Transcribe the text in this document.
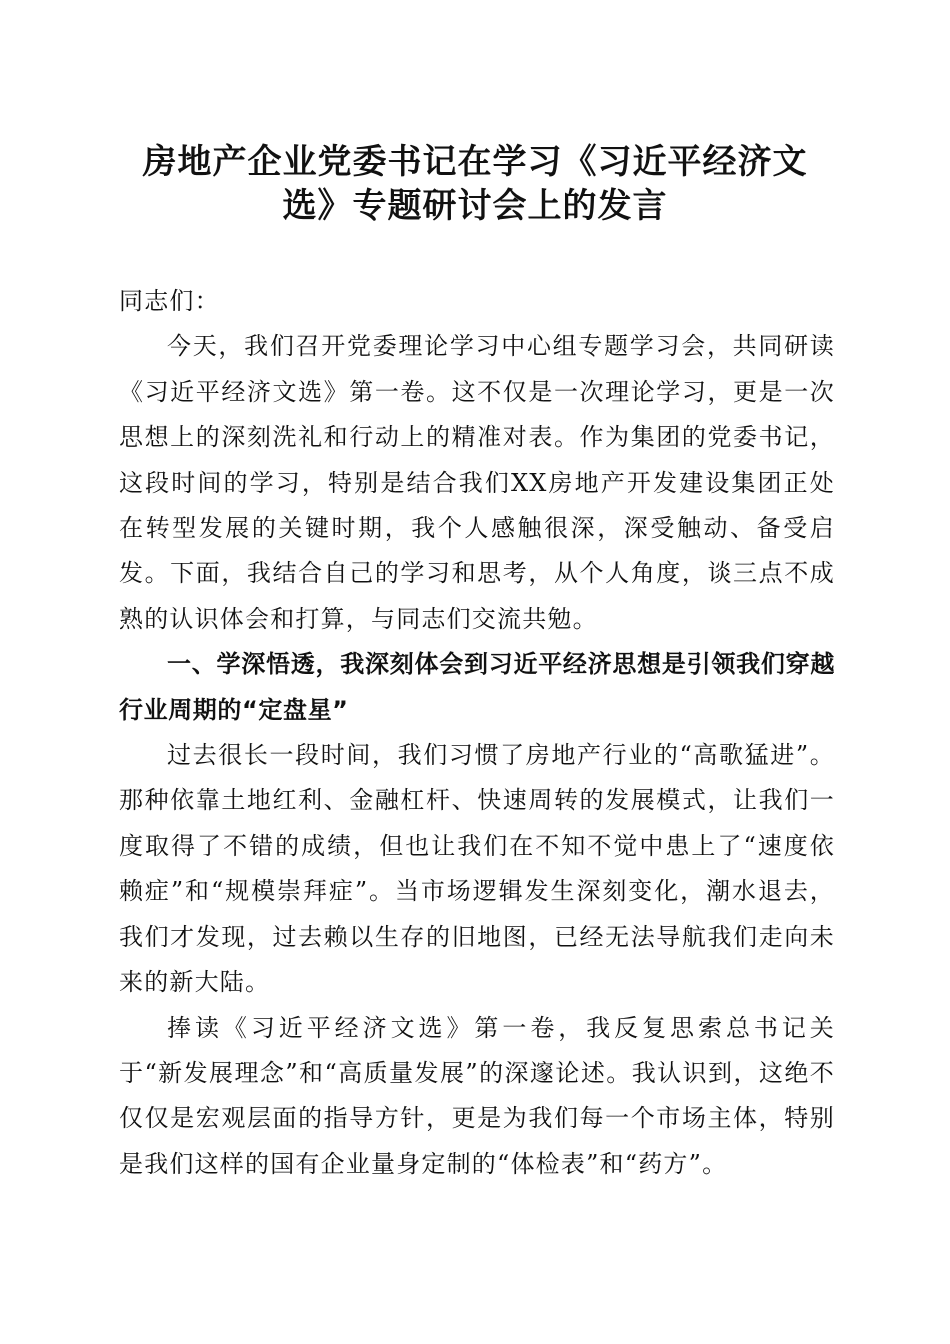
房地产企业党委书记在学习《习近平经济文
选》专题研讨会上的发言

同志们：

今天，我们召开党委理论学习中心组专题学习会，共同研读《习近平经济文选》第一卷。这不仅是一次理论学习，更是一次思想上的深刻洗礼和行动上的精准对表。作为集团的党委书记，这段时间的学习，特别是结合我们XX房地产开发建设集团正处在转型发展的关键时期，我个人感触很深，深受触动、备受启发。下面，我结合自己的学习和思考，从个人角度，谈三点不成熟的认识体会和打算，与同志们交流共勉。

一、学深悟透，我深刻体会到习近平经济思想是引领我们穿越行业周期的“定盘星”

过去很长一段时间，我们习惯了房地产行业的“高歌猛进”。那种依靠土地红利、金融杠杆、快速周转的发展模式，让我们一度取得了不错的成绩，但也让我们在不知不觉中患上了“速度依赖症”和“规模崇拜症”。当市场逻辑发生深刻变化，潮水退去，我们才发现，过去赖以生存的旧地图，已经无法导航我们走向未来的新大陆。

捧读《习近平经济文选》第一卷，我反复思索总书记关于“新发展理念”和“高质量发展”的深邃论述。我认识到，这绝不仅仅是宏观层面的指导方针，更是为我们每一个市场主体，特别是我们这样的国有企业量身定制的“体检表”和“药方”。
